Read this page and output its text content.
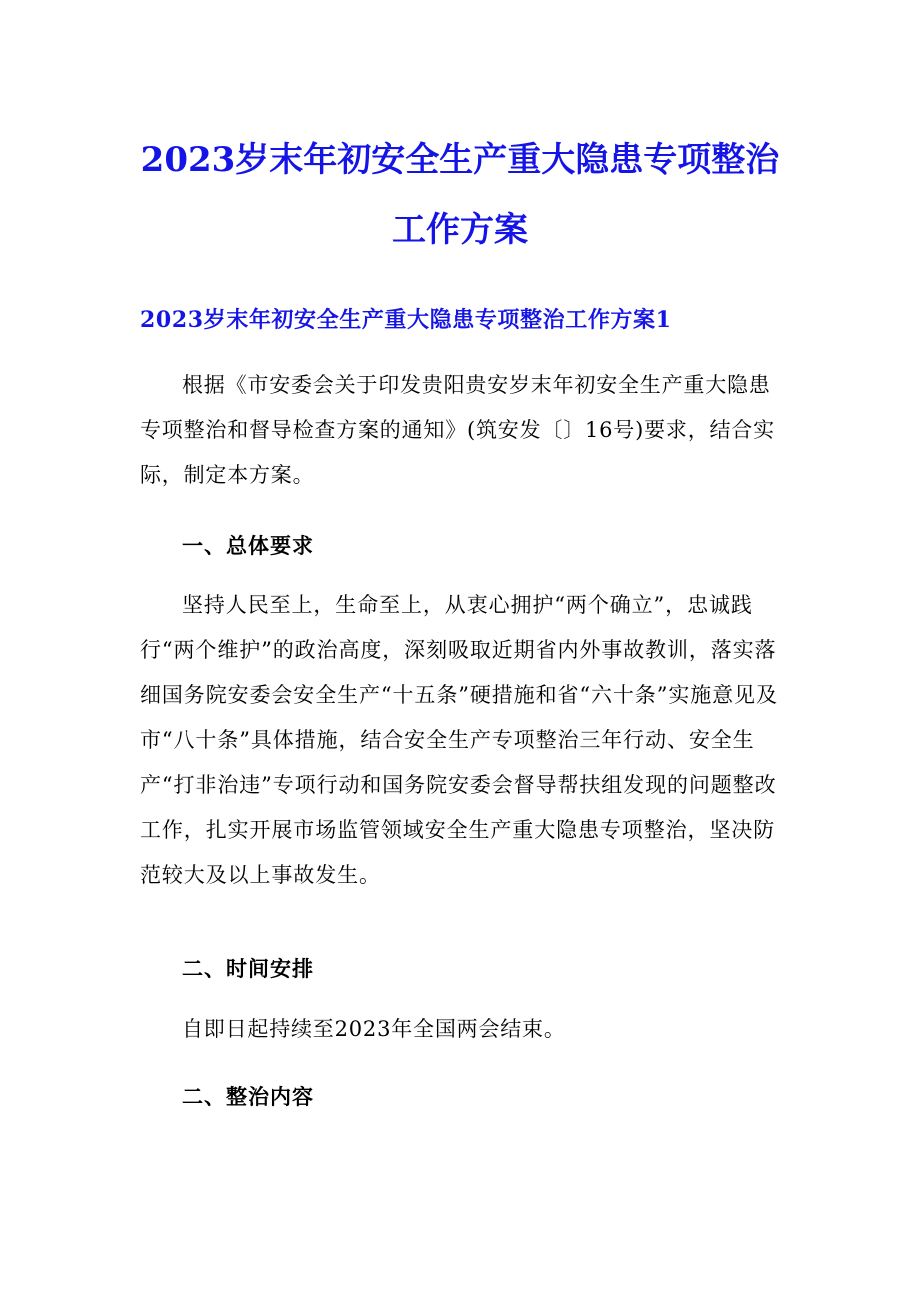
2023岁末年初安全生产重大隐患专项整治
工作方案
2023岁末年初安全生产重大隐患专项整治工作方案1

根据《市安委会关于印发贵阳贵安岁末年初安全生产重大隐患专项整治和督导检查方案的通知》(筑安发〔〕16号)要求，结合实际，制定本方案。

一、总体要求

坚持人民至上，生命至上，从衷心拥护“两个确立”，忠诚践行“两个维护”的政治高度，深刻吸取近期省内外事故教训，落实落细国务院安委会安全生产“十五条”硬措施和省“六十条”实施意见及市“八十条”具体措施，结合安全生产专项整治三年行动、安全生产“打非治违”专项行动和国务院安委会督导帮扶组发现的问题整改工作，扎实开展市场监管领域安全生产重大隐患专项整治，坚决防范较大及以上事故发生。

二、时间安排

自即日起持续至2023年全国两会结束。

二、整治内容
